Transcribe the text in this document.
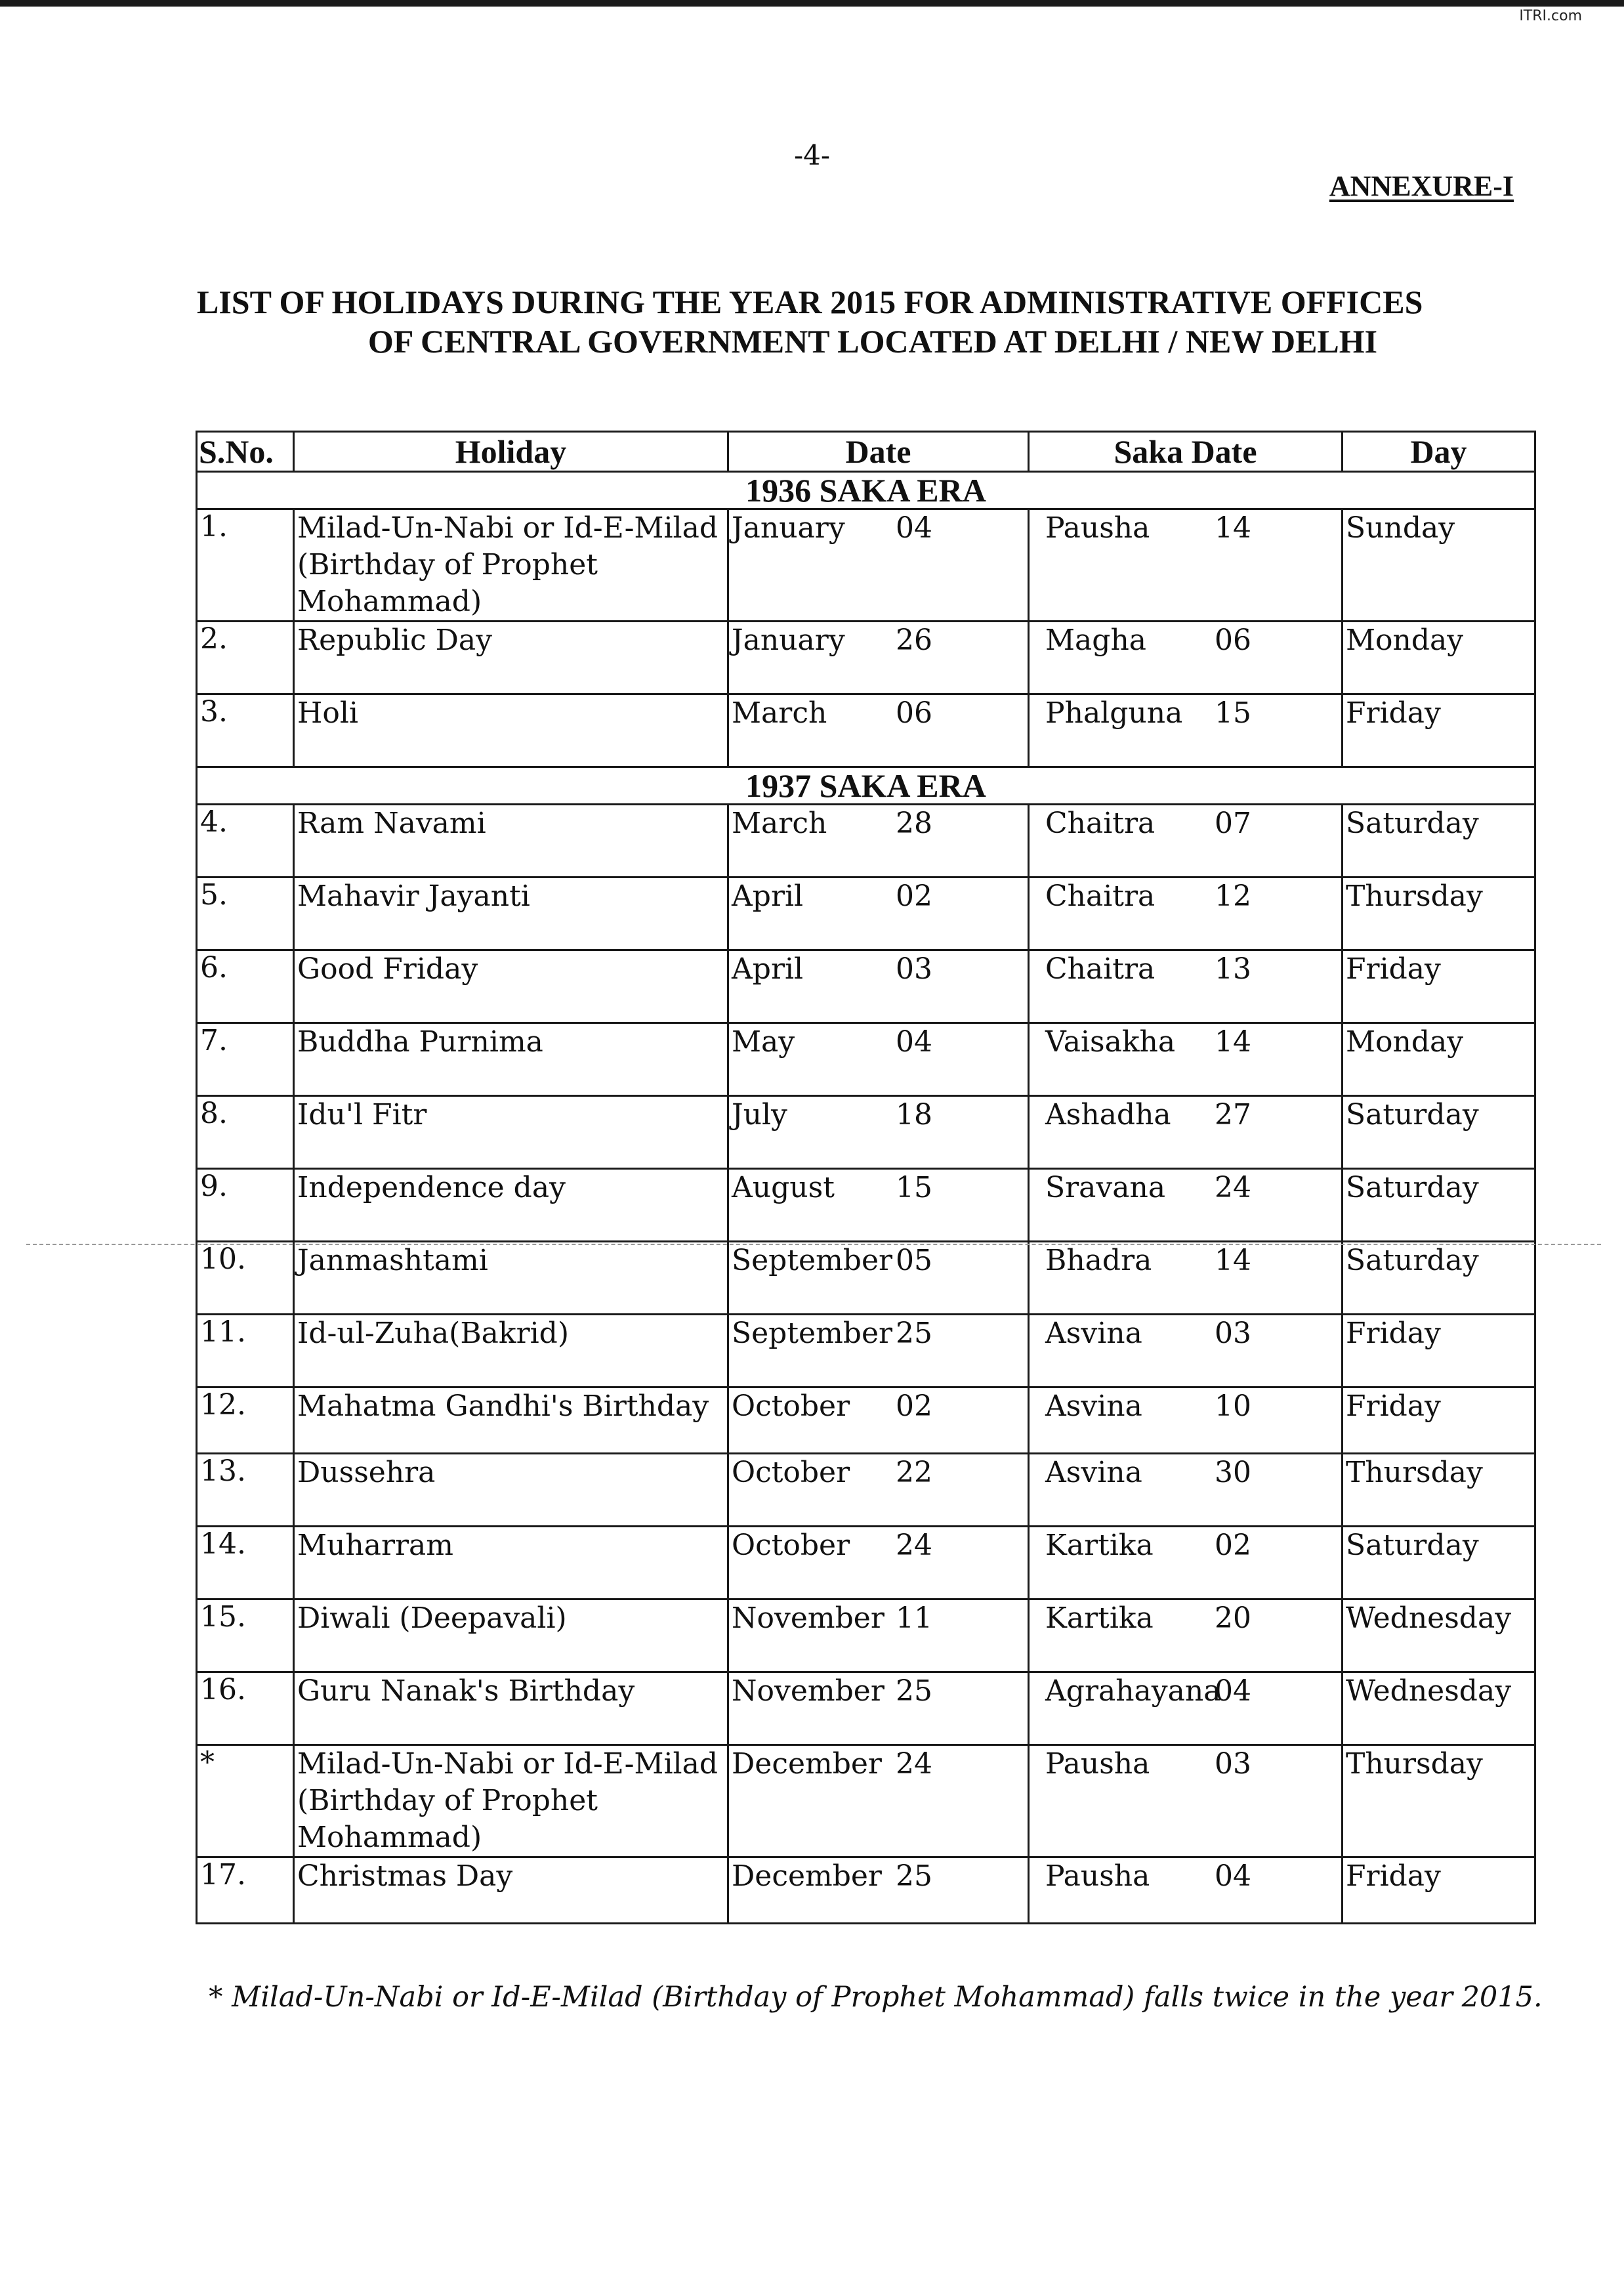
ITRI.com
-4-
ANNEXURE-I
LIST OF HOLIDAYS DURING THE YEAR 2015 FOR ADMINISTRATIVE OFFICES
OF CENTRAL GOVERNMENT LOCATED AT DELHI / NEW DELHI
S.No.	Holiday	Date	Saka Date	Day
1936 SAKA ERA				
1.	Milad-Un-Nabi or Id-E-Milad (Birthday of Prophet Mohammad)	January 04	Pausha 14	Sunday
2.	Republic Day	January 26	Magha 06	Monday
3.	Holi	March 06	Phalguna 15	Friday
1937 SAKA ERA				
4.	Ram Navami	March 28	Chaitra 07	Saturday
5.	Mahavir Jayanti	April 02	Chaitra 12	Thursday
6.	Good Friday	April 03	Chaitra 13	Friday
7.	Buddha Purnima	May 04	Vaisakha 14	Monday
8.	Idu'l Fitr	July 18	Ashadha 27	Saturday
9.	Independence day	August 15	Sravana 24	Saturday
10.	Janmashtami	September 05	Bhadra 14	Saturday
11.	Id-ul-Zuha(Bakrid)	September 25	Asvina 03	Friday
12.	Mahatma Gandhi's Birthday	October 02	Asvina 10	Friday
13.	Dussehra	October 22	Asvina 30	Thursday
14.	Muharram	October 24	Kartika 02	Saturday
15.	Diwali (Deepavali)	November 11	Kartika 20	Wednesday
16.	Guru Nanak's Birthday	November 25	Agrahayana04	Wednesday
*	Milad-Un-Nabi or Id-E-Milad (Birthday of Prophet Mohammad)	December 24	Pausha 03	Thursday
17.	Christmas Day	December 25	Pausha 04	Friday
* Milad-Un-Nabi or Id-E-Milad (Birthday of Prophet Mohammad) falls twice in the year 2015.
